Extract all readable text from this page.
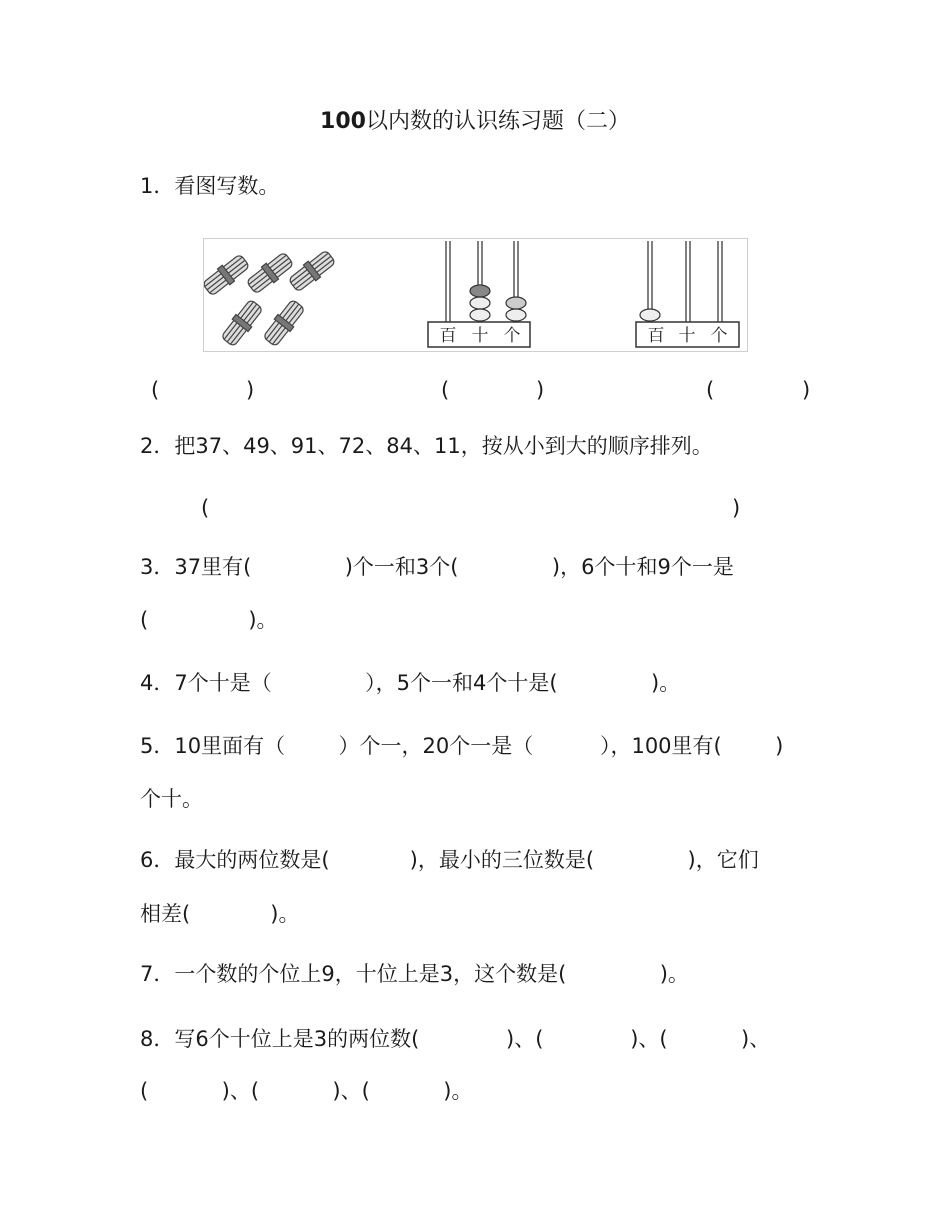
100以内数的认识练习题（二）
1．看图写数。
百 十 个	百 十 个
(	)	(	)	(	)
2．把37、49、91、72、84、11，按从小到大的顺序排列。
(	)
3．37里有(              )个一和3个(              )，6个十和9个一是
(               )。
4．7个十是（              ），5个一和4个十是(              )。
5．10里面有（        ）个一，20个一是（          ），100里有(        )
个十。
6．最大的两位数是(            )，最小的三位数是(              )，它们
相差(            )。
7．一个数的个位上9，十位上是3，这个数是(              )。
8．写6个十位上是3的两位数(             )、(             )、(           )、
(           )、(           )、(           )。
